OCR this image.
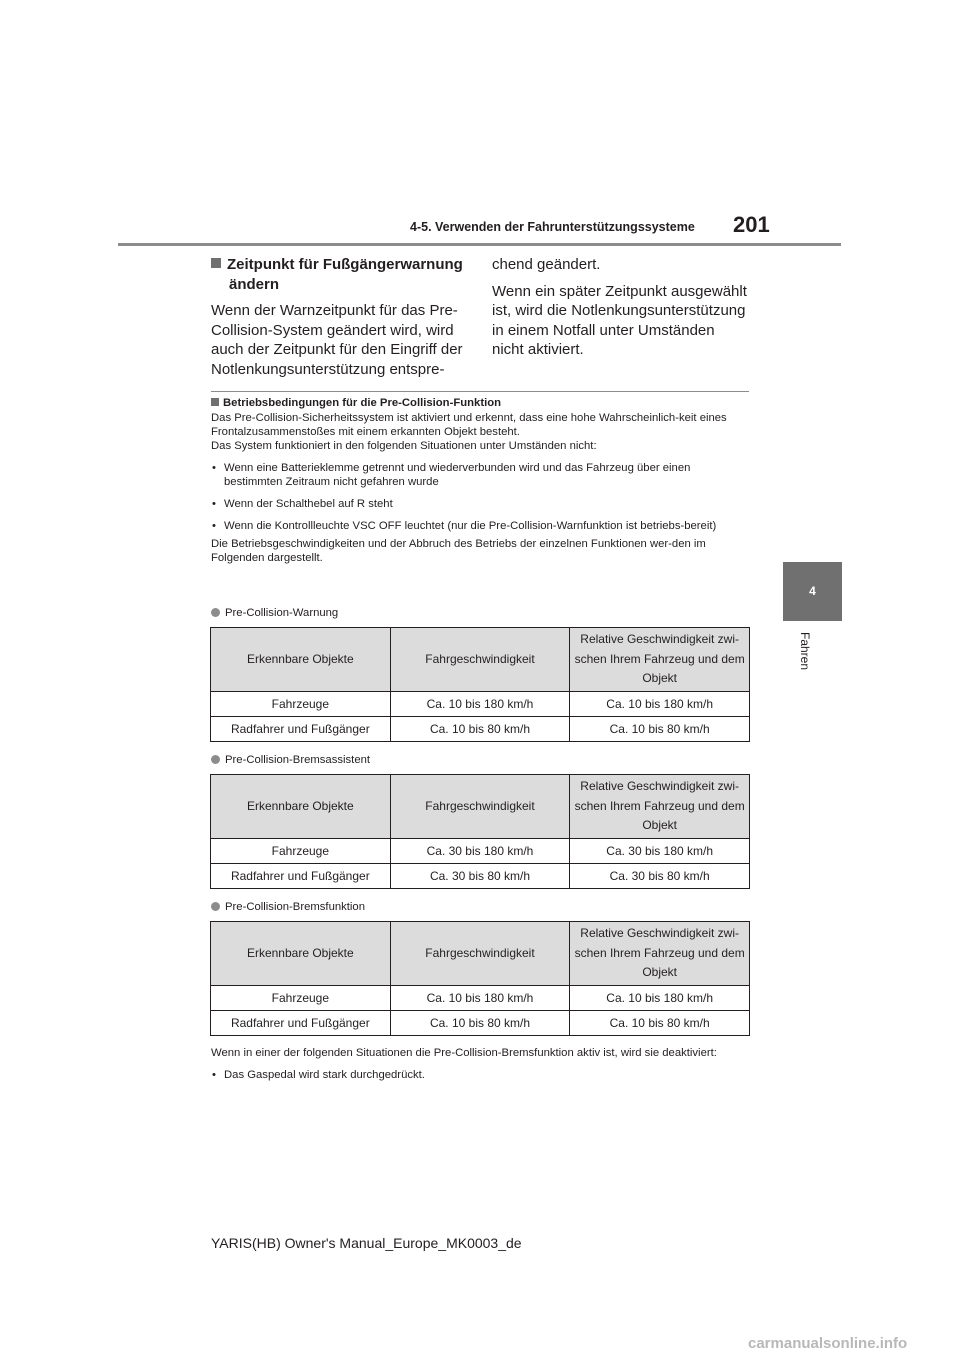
4-5. Verwenden der Fahrunterstützungssysteme 201
4
Fahren

Zeitpunkt für Fußgängerwarnung ändern

Wenn der Warnzeitpunkt für das Pre-Collision-System geändert wird, wird auch der Zeitpunkt für den Eingriff der Notlenkungsunterstützung entspre-

chend geändert.

Wenn ein später Zeitpunkt ausgewählt ist, wird die Notlenkungsunterstützung in einem Notfall unter Umständen nicht aktiviert.

Betriebsbedingungen für die Pre-Collision-Funktion

Das Pre-Collision-Sicherheitssystem ist aktiviert und erkennt, dass eine hohe Wahrscheinlich-keit eines Frontalzusammenstoßes mit einem erkannten Objekt besteht.

Das System funktioniert in den folgenden Situationen unter Umständen nicht:

• Wenn eine Batterieklemme getrennt und wiederverbunden wird und das Fahrzeug über einen bestimmten Zeitraum nicht gefahren wurde

• Wenn der Schalthebel auf R steht

• Wenn die Kontrollleuchte VSC OFF leuchtet (nur die Pre-Collision-Warnfunktion ist betriebs-bereit)

Die Betriebsgeschwindigkeiten und der Abbruch des Betriebs der einzelnen Funktionen wer-den im Folgenden dargestellt.

Pre-Collision-Warnung
Erkennbare Objekte	Fahrgeschwindigkeit	Relative Geschwindigkeit zwi-schen Ihrem Fahrzeug und dem Objekt
Fahrzeuge	Ca. 10 bis 180 km/h	Ca. 10 bis 180 km/h
Radfahrer und Fußgänger	Ca. 10 bis 80 km/h	Ca. 10 bis 80 km/h
Pre-Collision-Bremsassistent
Erkennbare Objekte	Fahrgeschwindigkeit	Relative Geschwindigkeit zwi-schen Ihrem Fahrzeug und dem Objekt
Fahrzeuge	Ca. 30 bis 180 km/h	Ca. 30 bis 180 km/h
Radfahrer und Fußgänger	Ca. 30 bis 80 km/h	Ca. 30 bis 80 km/h
Pre-Collision-Bremsfunktion
Erkennbare Objekte	Fahrgeschwindigkeit	Relative Geschwindigkeit zwi-schen Ihrem Fahrzeug und dem Objekt
Fahrzeuge	Ca. 10 bis 180 km/h	Ca. 10 bis 180 km/h
Radfahrer und Fußgänger	Ca. 10 bis 80 km/h	Ca. 10 bis 80 km/h

Wenn in einer der folgenden Situationen die Pre-Collision-Bremsfunktion aktiv ist, wird sie deaktiviert:

• Das Gaspedal wird stark durchgedrückt.

YARIS(HB) Owner's Manual_Europe_MK0003_de
carmanualsonline.info
